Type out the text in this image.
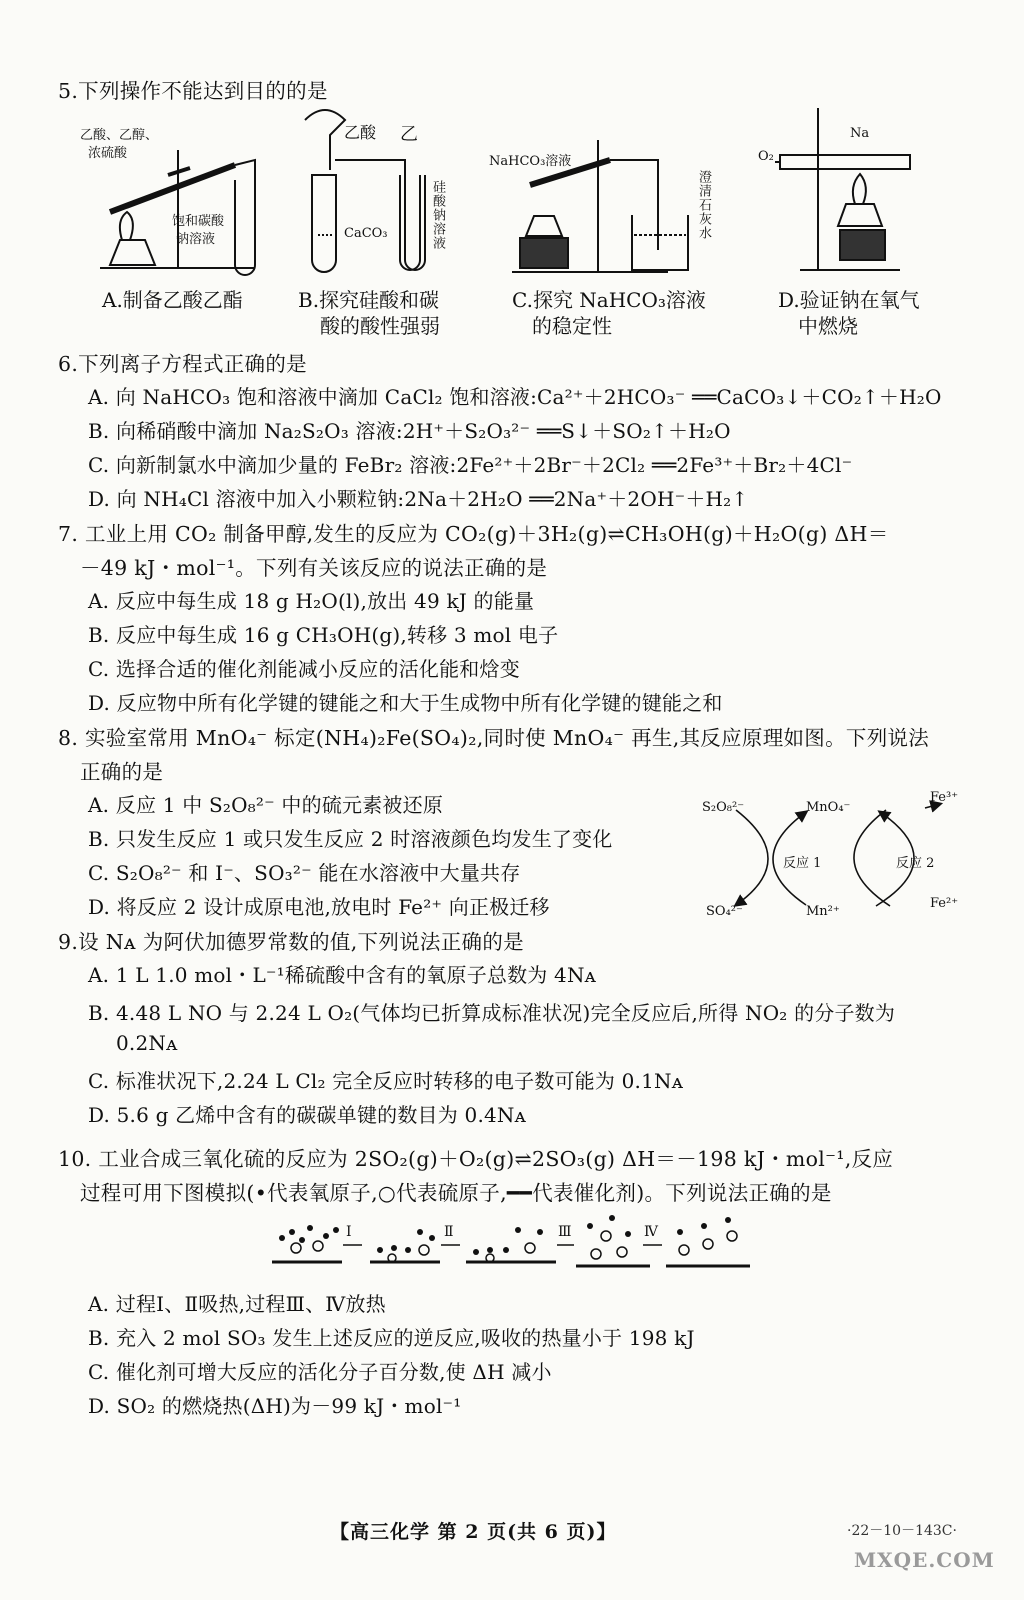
5.下列操作不能达到目的的是
乙酸、乙醇、
浓硫酸
饱和碳酸
钠溶液
A.制备乙酸乙酯
乙酸 乙
CaCO₃	硅酸钠溶液
B.探究硅酸和碳
酸的酸性强弱
NaHCO₃溶液
澄清石灰水
C.探究 NaHCO₃溶液
的稳定性
O₂
Na
D.验证钠在氧气
中燃烧
6.下列离子方程式正确的是
A. 向 NaHCO₃ 饱和溶液中滴加 CaCl₂ 饱和溶液:Ca²⁺＋2HCO₃⁻ ══CaCO₃↓＋CO₂↑＋H₂O
B. 向稀硝酸中滴加 Na₂S₂O₃ 溶液:2H⁺＋S₂O₃²⁻ ══S↓＋SO₂↑＋H₂O
C. 向新制氯水中滴加少量的 FeBr₂ 溶液:2Fe²⁺＋2Br⁻＋2Cl₂ ══2Fe³⁺＋Br₂＋4Cl⁻
D. 向 NH₄Cl 溶液中加入小颗粒钠:2Na＋2H₂O ══2Na⁺＋2OH⁻＋H₂↑
7. 工业上用 CO₂ 制备甲醇,发生的反应为 CO₂(g)＋3H₂(g)⇌CH₃OH(g)＋H₂O(g) ΔH＝
－49 kJ・mol⁻¹。下列有关该反应的说法正确的是
A. 反应中每生成 18 g H₂O(l),放出 49 kJ 的能量
B. 反应中每生成 16 g CH₃OH(g),转移 3 mol 电子
C. 选择合适的催化剂能减小反应的活化能和焓变
D. 反应物中所有化学键的键能之和大于生成物中所有化学键的键能之和
8. 实验室常用 MnO₄⁻ 标定(NH₄)₂Fe(SO₄)₂,同时使 MnO₄⁻ 再生,其反应原理如图。下列说法
正确的是
A. 反应 1 中 S₂O₈²⁻ 中的硫元素被还原
B. 只发生反应 1 或只发生反应 2 时溶液颜色均发生了变化
C. S₂O₈²⁻ 和 I⁻、SO₃²⁻ 能在水溶液中大量共存
D. 将反应 2 设计成原电池,放电时 Fe²⁺ 向正极迁移
S₂O₈²⁻
SO₄²⁻
MnO₄⁻
Mn²⁺
Fe³⁺
Fe²⁺
反应 1	反应 2
9.设 Nᴀ 为阿伏加德罗常数的值,下列说法正确的是
A. 1 L 1.0 mol・L⁻¹稀硫酸中含有的氧原子总数为 4Nᴀ
B. 4.48 L NO 与 2.24 L O₂(气体均已折算成标准状况)完全反应后,所得 NO₂ 的分子数为
0.2Nᴀ
C. 标准状况下,2.24 L Cl₂ 完全反应时转移的电子数可能为 0.1Nᴀ
D. 5.6 g 乙烯中含有的碳碳单键的数目为 0.4Nᴀ
10. 工业合成三氧化硫的反应为 2SO₂(g)＋O₂(g)⇌2SO₃(g) ΔH＝－198 kJ・mol⁻¹,反应
过程可用下图模拟(•代表氧原子,○代表硫原子,━━代表催化剂)。下列说法正确的是
Ⅰ	Ⅱ	Ⅲ	Ⅳ
A. 过程Ⅰ、Ⅱ吸热,过程Ⅲ、Ⅳ放热
B. 充入 2 mol SO₃ 发生上述反应的逆反应,吸收的热量小于 198 kJ
C. 催化剂可增大反应的活化分子百分数,使 ΔH 减小
D. SO₂ 的燃烧热(ΔH)为－99 kJ・mol⁻¹
【高三化学 第 2 页(共 6 页)】	·22－10－143C·
MXQE.COM
